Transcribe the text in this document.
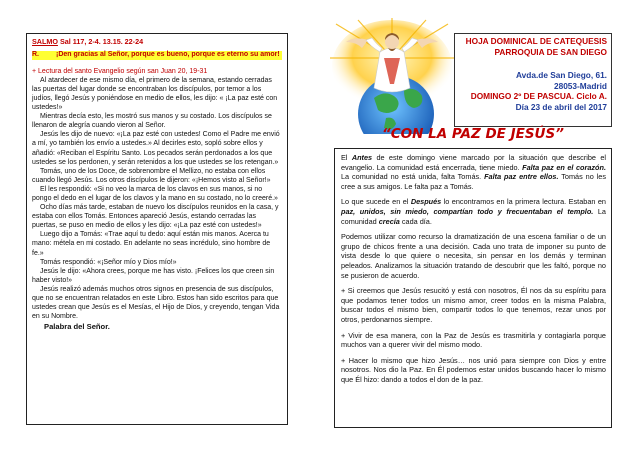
SALMO Sal 117, 2-4. 13.15. 22-24
R.	¡Den gracias al Señor, porque es bueno, porque es eterno su amor!
+ Lectura del santo Evangelio según san Juan 20, 19-31

Al atardecer de ese mismo día, el primero de la semana, estando cerradas las puertas del lugar donde se encontraban los discípulos, por temor a los judíos, llegó Jesús y poniéndose en medio de ellos, les dijo: « ¡La paz esté con ustedes!»

Mientras decía esto, les mostró sus manos y su costado. Los discípulos se llenaron de alegría cuando vieron al Señor.

Jesús les dijo de nuevo: «¡La paz esté con ustedes! Como el Padre me envió a mí, yo también los envío a ustedes.» Al decirles esto, sopló sobre ellos y añadió: «Reciban el Espíritu Santo. Los pecados serán perdonados a los que ustedes se los perdonen, y serán retenidos a los que ustedes se los retengan.»

Tomás, uno de los Doce, de sobrenombre el Mellizo, no estaba con ellos cuando llegó Jesús. Los otros discípulos le dijeron: «¡Hemos visto al Señor!»

El les respondió: «Si no veo la marca de los clavos en sus manos, si no pongo el dedo en el lugar de los clavos y la mano en su costado, no lo creeré.»

Ocho días más tarde, estaban de nuevo los discípulos reunidos en la casa, y estaba con ellos Tomás. Entonces apareció Jesús, estando cerradas las puertas, se puso en medio de ellos y les dijo: «¡La paz esté con ustedes!»

Luego dijo a Tomás: «Trae aquí tu dedo: aquí están mis manos. Acerca tu mano: métela en mi costado. En adelante no seas incrédulo, sino hombre de fe.»

Tomás respondió: «¡Señor mío y Dios mío!»

Jesús le dijo: «Ahora crees, porque me has visto. ¡Felices los que creen sin haber visto!»

Jesús realizó además muchos otros signos en presencia de sus discípulos, que no se encuentran relatados en este Libro. Estos han sido escritos para que ustedes crean que Jesús es el Mesías, el Hijo de Dios, y creyendo, tengan Vida en su Nombre.

Palabra del Señor.
HOJA DOMINICAL DE CATEQUESIS
PARROQUIA DE SAN DIEGO
Avda.de San Diego, 61.
28053-Madrid
DOMINGO 2º DE PASCUA. Ciclo A.
Día 23 de abril del 2017
“CON LA PAZ DE JESÚS”

El Antes de este domingo viene marcado por la situación que describe el evangelio. La comunidad está encerrada, tiene miedo. Falta paz en el corazón. La comunidad no está unida, falta Tomás. Falta paz entre ellos. Tomás no les cree a sus amigos. Le falta paz a Tomás.

Lo que sucede en el Después lo encontramos en la primera lectura. Estaban en paz, unidos, sin miedo, compartían todo y frecuentaban el templo. La comunidad crecía cada día.

Podemos utilizar como recurso la dramatización de una escena familiar o de un grupo de chicos frente a una decisión. Cada uno trata de imponer su punto de vista desde lo que quiere o necesita, sin pensar en los demás y terminan peleados. Analizamos la situación tratando de descubrir que les faltó, porque no se pusieron de acuerdo.

+ Si creemos que Jesús resucitó y está con nosotros, Él nos da su espíritu para que podamos tener todos un mismo amor, creer todos en la misma Palabra, buscar todos el mismo bien, compartir todos lo que tenemos, rezar unos por otros, perdonarnos siempre.

+ Vivir de esa manera, con la Paz de Jesús es trasmitirla y contagiarla porque muchos van a querer vivir del mismo modo.

+ Hacer lo mismo que hizo Jesús… nos unió para siempre con Dios y entre nosotros. Nos dio la Paz. En Él podemos estar unidos buscando hacer lo mismo que Él hizo: dando a todos el don de la paz.
